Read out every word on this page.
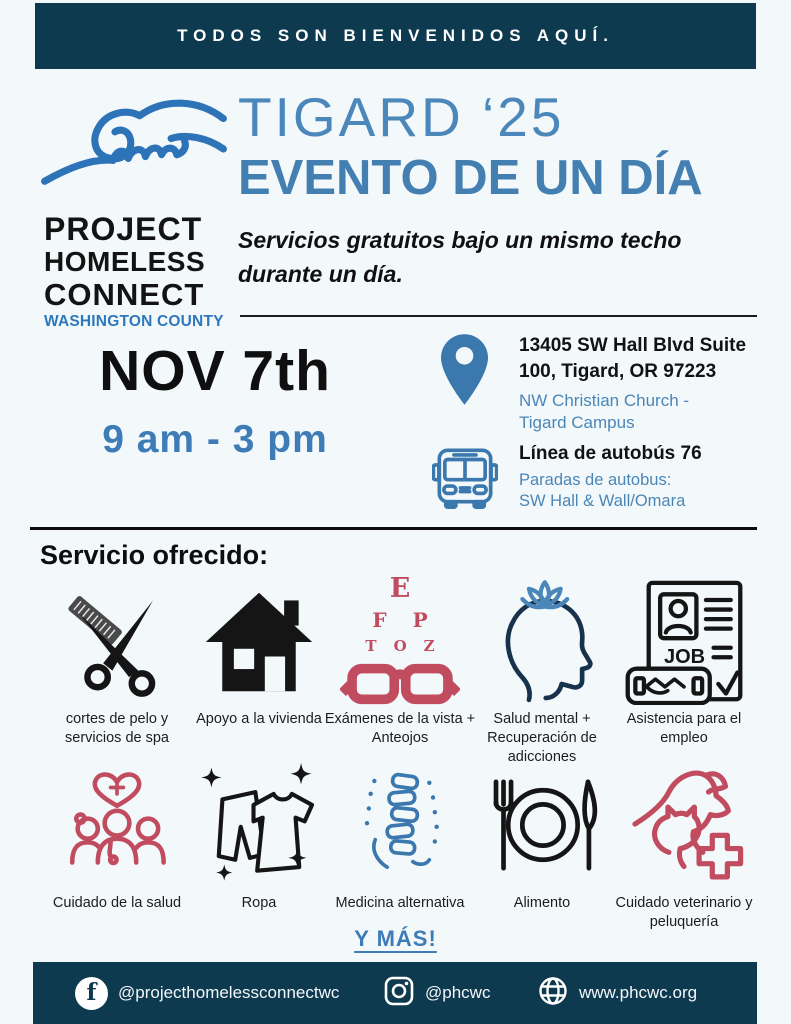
TODOS SON BIENVENIDOS AQUÍ.
PROJECT
HOMELESS
CONNECT
WASHINGTON COUNTY
TIGARD ‘25
EVENTO DE UN DÍA
Servicios gratuitos bajo un mismo techo durante un día.
NOV 7th
9 am - 3 pm
13405 SW Hall Blvd Suite
100, Tigard, OR 97223
NW Christian Church -
Tigard Campus
Línea de autobús 76
Paradas de autobus:
SW Hall & Wall/Omara
Servicio ofrecido:
cortes de pelo y servicios de spa
Apoyo a la vivienda
E
FP
TOZ
Exámenes de la vista + Anteojos
Salud mental + Recuperación de adicciones
JOB
Asistencia para el empleo
Cuidado de la salud	Ropa	Medicina alternativa	Alimento	Cuidado veterinario y peluquería
Y MÁS!
f @projecthomelessconnectwc	@phcwc	www.phcwc.org
